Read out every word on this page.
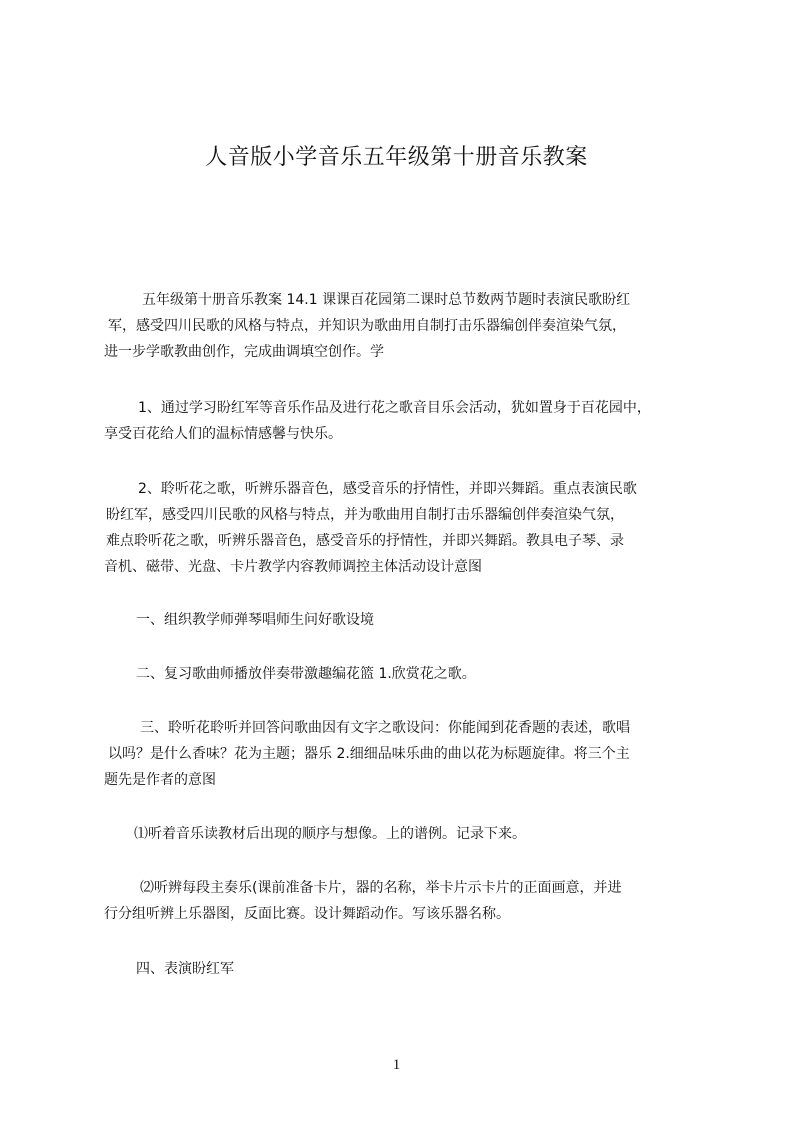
人音版小学音乐五年级第十册音乐教案
五年级第十册音乐教案 14.1 课课百花园第二课时总节数两节题时表演民歌盼红
军，感受四川民歌的风格与特点，并知识为歌曲用自制打击乐器编创伴奏渲染气氛，
进一步学歌教曲创作，完成曲调填空创作。学
1、通过学习盼红军等音乐作品及进行花之歌音目乐会活动，犹如置身于百花园中，
享受百花给人们的温标情感馨与快乐。
2、聆听花之歌，听辨乐器音色，感受音乐的抒情性，并即兴舞蹈。重点表演民歌
盼红军，感受四川民歌的风格与特点，并为歌曲用自制打击乐器编创伴奏渲染气氛，
难点聆听花之歌，听辨乐器音色，感受音乐的抒情性，并即兴舞蹈。教具电子琴、录
音机、磁带、光盘、卡片教学内容教师调控主体活动设计意图
一、组织教学师弹琴唱师生问好歌设境
二、复习歌曲师播放伴奏带激趣编花篮 1.欣赏花之歌。
三、聆听花聆听并回答问歌曲因有文字之歌设问：你能闻到花香题的表述，歌唱
以吗？是什么香味？花为主题；器乐 2.细细品味乐曲的曲以花为标题旋律。将三个主
题先是作者的意图
⑴听着音乐读教材后出现的顺序与想像。上的谱例。记录下来。
⑵听辨每段主奏乐(课前准备卡片，器的名称，举卡片示卡片的正面画意，并进
行分组听辨上乐器图，反面比赛。设计舞蹈动作。写该乐器名称。
四、表演盼红军
1
